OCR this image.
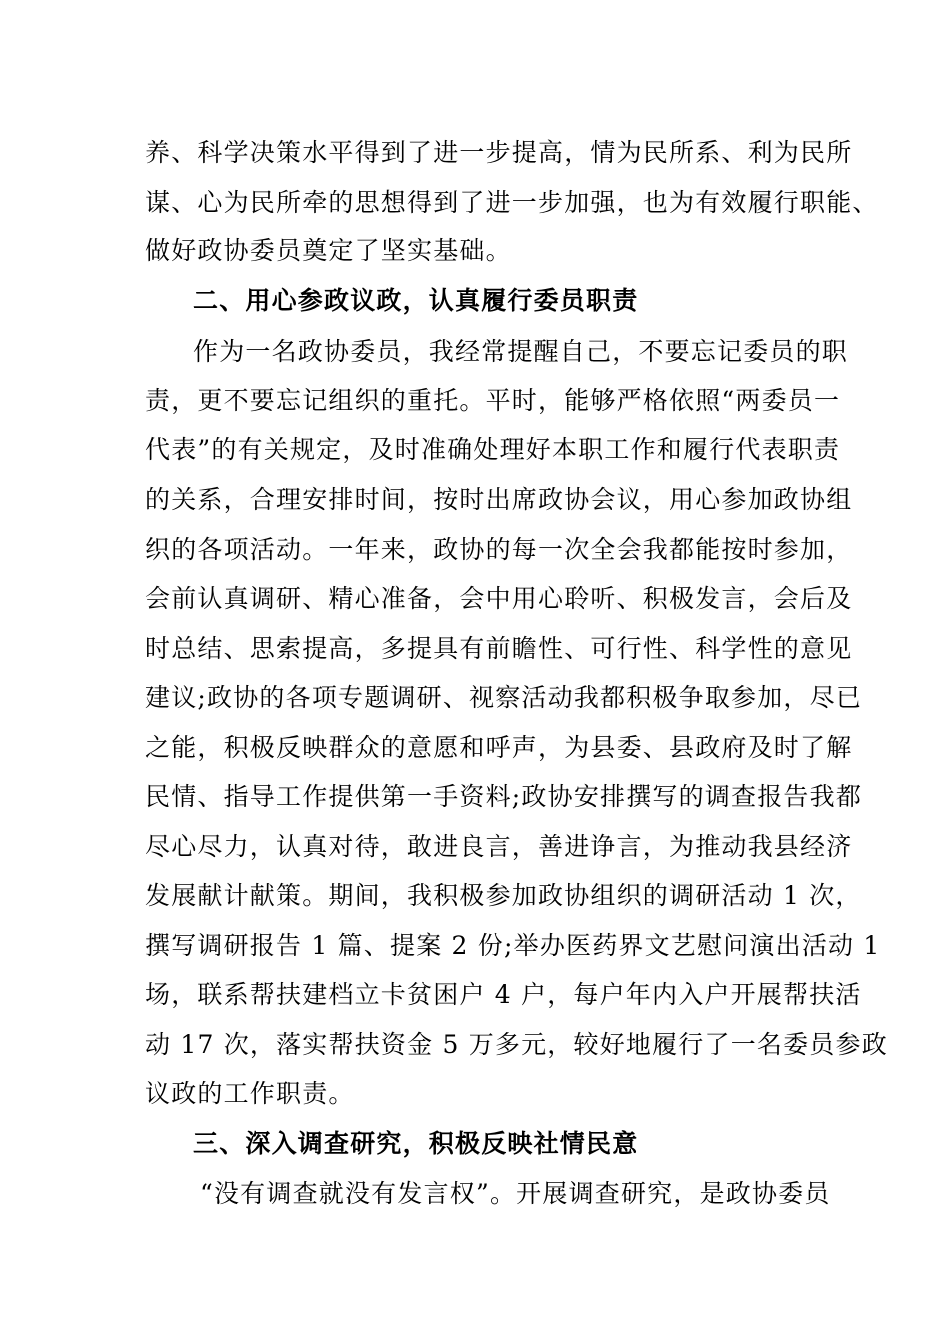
养、科学决策水平得到了进一步提高，情为民所系、利为民所
谋、心为民所牵的思想得到了进一步加强，也为有效履行职能、
做好政协委员奠定了坚实基础。
二、用心参政议政，认真履行委员职责
作为一名政协委员，我经常提醒自己，不要忘记委员的职
责，更不要忘记组织的重托。平时，能够严格依照“两委员一
代表”的有关规定，及时准确处理好本职工作和履行代表职责
的关系，合理安排时间，按时出席政协会议，用心参加政协组
织的各项活动。一年来，政协的每一次全会我都能按时参加，
会前认真调研、精心准备，会中用心聆听、积极发言，会后及
时总结、思索提高，多提具有前瞻性、可行性、科学性的意见
建议;政协的各项专题调研、视察活动我都积极争取参加，尽已
之能，积极反映群众的意愿和呼声，为县委、县政府及时了解
民情、指导工作提供第一手资料;政协安排撰写的调查报告我都
尽心尽力，认真对待，敢进良言，善进诤言，为推动我县经济
发展献计献策。期间，我积极参加政协组织的调研活动 1 次，
撰写调研报告 1 篇、提案 2 份;举办医药界文艺慰问演出活动 1
场，联系帮扶建档立卡贫困户 4 户，每户年内入户开展帮扶活
动 17 次，落实帮扶资金 5 万多元，较好地履行了一名委员参政
议政的工作职责。
三、深入调查研究，积极反映社情民意
“没有调查就没有发言权”。开展调查研究，是政协委员
